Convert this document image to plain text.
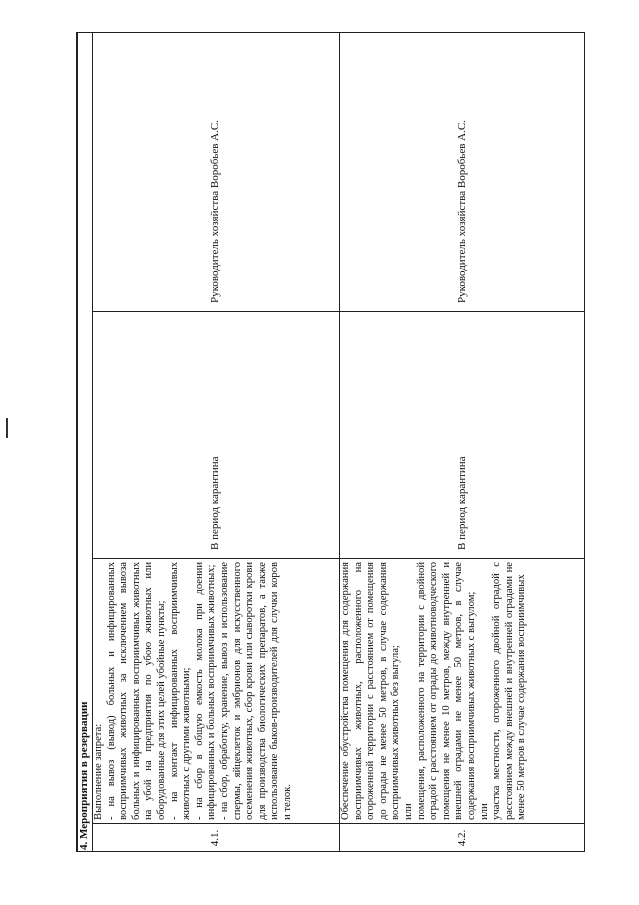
4. Мероприятия в резервации			
4.1.	Выполнение запрета: - на вывоз (вывод) больных и инфицированных восприимчивых животных за исключением вывоза больных и инфицированных восприимчивых животных на убой на предприятия по убою животных или оборудованные для этих целей убойные пункты; - на контакт инфицированных восприимчивых животных с другими животными; - на сбор в общую емкость молока при доении инфицированных и больных восприимчивых животных; - на сбор, обработку, хранение, вывоз и использование спермы, яйцеклеток и эмбрионов для искусственного осеменения животных, сбор крови или сыворотки крови для производства биологических препаратов, а также использование быков-производителей для случки коров и телок.	В период карантина	Руководитель хозяйства Воробьев А.С.
4.2.	Обеспечение обустройства помещения для содержания восприимчивых животных, расположенного на огороженной территории с расстоянием от помещения до ограды не менее 50 метров, в случае содержания восприимчивых животных без выгула; или помещения, расположенного на территории с двойной оградой с расстоянием от ограды до животноводческого помещения не менее 10 метров, между внутренней и внешней оградами не менее 50 метров, в случае содержания восприимчивых животных с выгулом; или участка местности, огороженного двойной оградой с расстоянием между внешней и внутренней оградами не менее 50 метров в случае содержания восприимчивых	В период карантина	Руководитель хозяйства Воробьев А.С.
